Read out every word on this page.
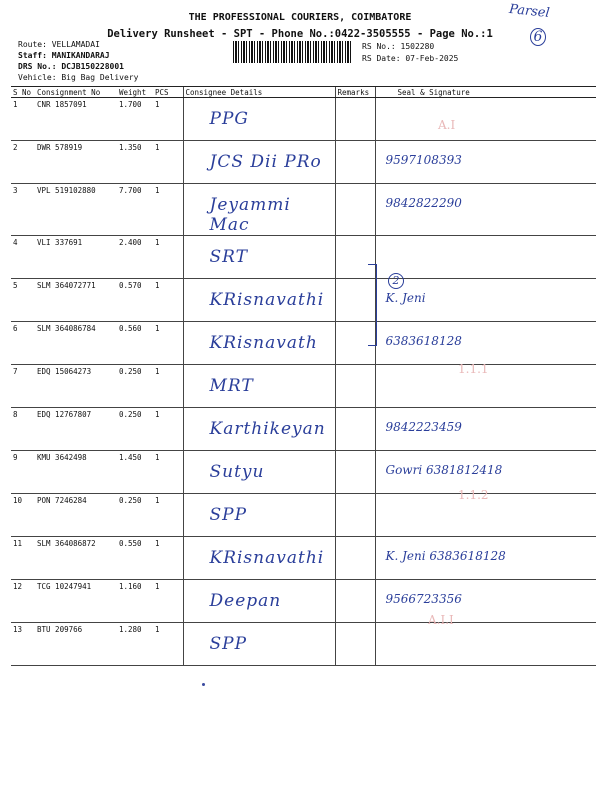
THE PROFESSIONAL COURIERS, COIMBATORE
Delivery Runsheet - SPT - Phone No.:0422-3505555 - Page No.:1
Parsel
6
Route: VELLAMADAI
Staff: MANIKANDARAJ
DRS No.: DCJB150228001
Vehicle: Big Bag Delivery
RS No.: 1502280
RS Date: 07-Feb-2025
S No	Consignment No	Weight	PCS	Consignee Details	Remarks	Seal & Signature
1	CNR 1857091	1.700	1	PPG		

2	DWR 578919	1.350	1	JCS Dii PRo		9597108393

3	VPL 519102880	7.700	1	Jeyammi Mac		9842822290

4	VLI 337691	2.400	1	SRT		

5	SLM 364072771	0.570	1	KRisnavathi		K. Jeni

6	SLM 364086784	0.560	1	KRisnavath		6383618128

7	EDQ 15064273	0.250	1	MRT		

8	EDQ 12767807	0.250	1	Karthikeyan		9842223459

9	KMU 3642498	1.450	1	Sutyu		Gowri 6381812418

10	PON 7246284	0.250	1	SPP		

11	SLM 364086872	0.550	1	KRisnavathi		K. Jeni 6383618128

12	TCG 10247941	1.160	1	Deepan		9566723356

13	BTU 209766	1.280	1	SPP		

2
A.I
1.1.1
1.1.2
A.I.I
